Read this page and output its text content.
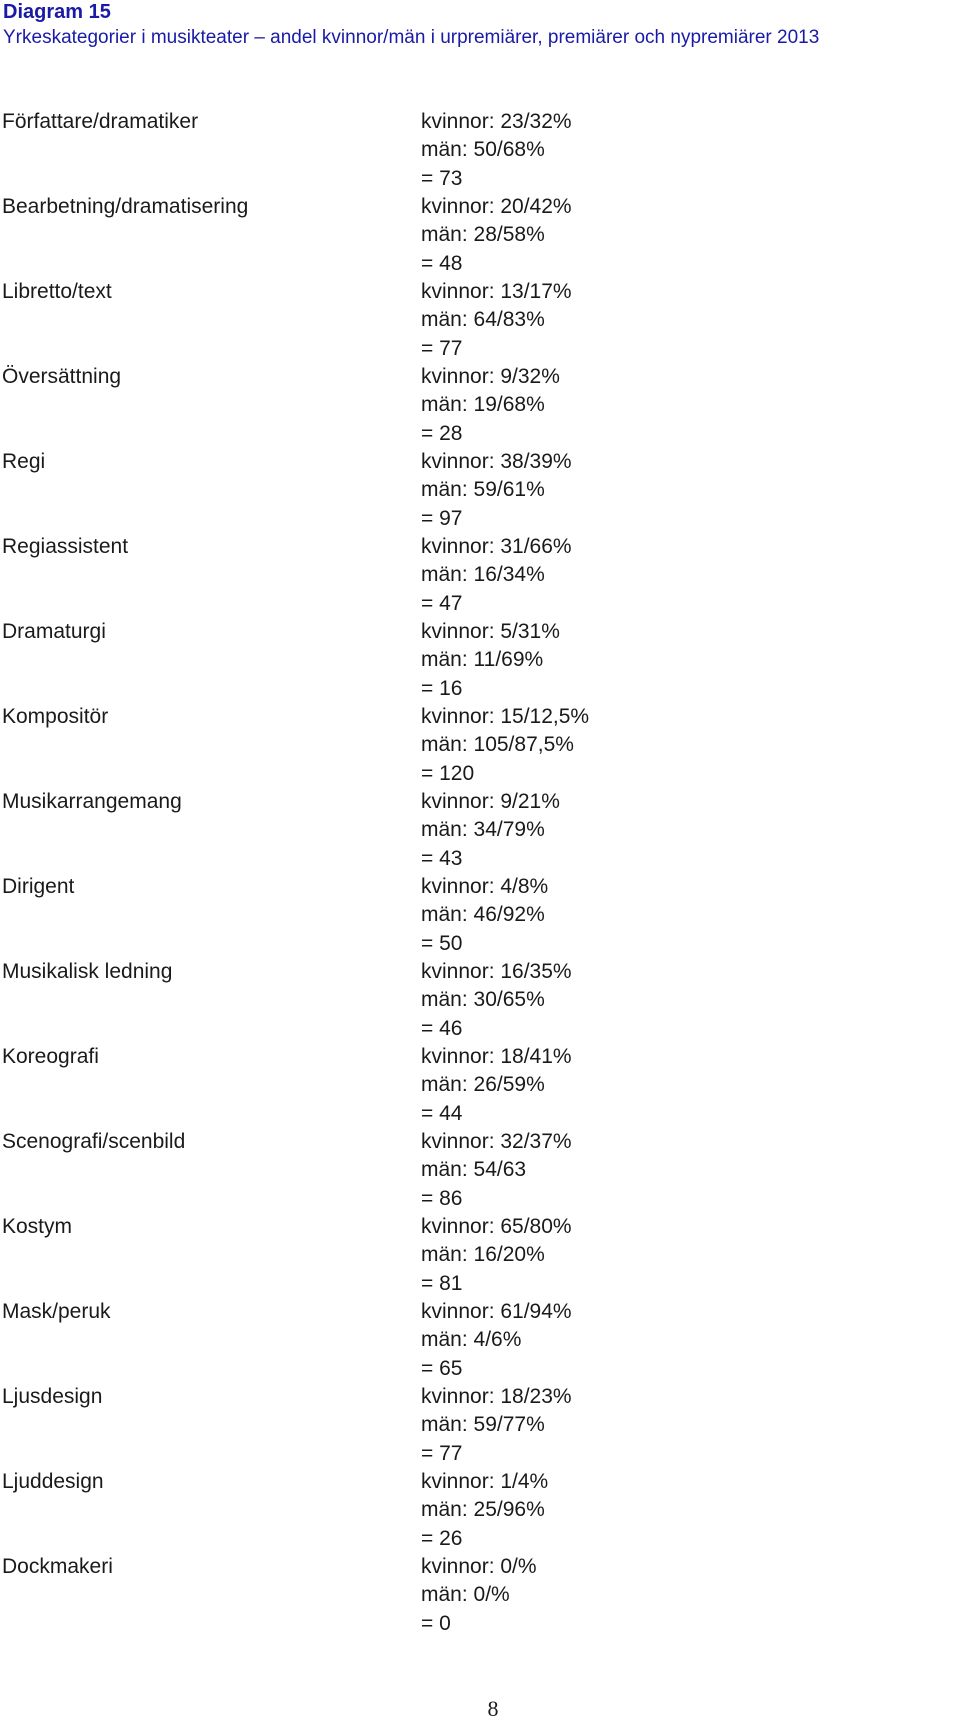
Diagram 15

Yrkeskategorier i musikteater – andel kvinnor/män i urpremiärer, premiärer och nypremiärer 2013

Författare/dramatiker	kvinnor: 23/32%
män: 50/68%
= 73
Bearbetning/dramatisering	kvinnor: 20/42%
män: 28/58%
= 48
Libretto/text	kvinnor: 13/17%
män: 64/83%
= 77
Översättning	kvinnor: 9/32%
män: 19/68%
= 28
Regi	kvinnor: 38/39%
män: 59/61%
= 97
Regiassistent	kvinnor: 31/66%
män: 16/34%
= 47
Dramaturgi	kvinnor: 5/31%
män: 11/69%
= 16
Kompositör	kvinnor: 15/12,5%
män: 105/87,5%
= 120
Musikarrangemang	kvinnor: 9/21%
män: 34/79%
= 43
Dirigent	kvinnor: 4/8%
män: 46/92%
= 50
Musikalisk ledning	kvinnor: 16/35%
män: 30/65%
= 46
Koreografi	kvinnor: 18/41%
män: 26/59%
= 44
Scenografi/scenbild	kvinnor: 32/37%
män: 54/63
= 86
Kostym	kvinnor: 65/80%
män: 16/20%
= 81
Mask/peruk	kvinnor: 61/94%
män: 4/6%
= 65
Ljusdesign	kvinnor: 18/23%
män: 59/77%
= 77
Ljuddesign	kvinnor: 1/4%
män: 25/96%
= 26
Dockmakeri	kvinnor: 0/%
män: 0/%
= 0
8
